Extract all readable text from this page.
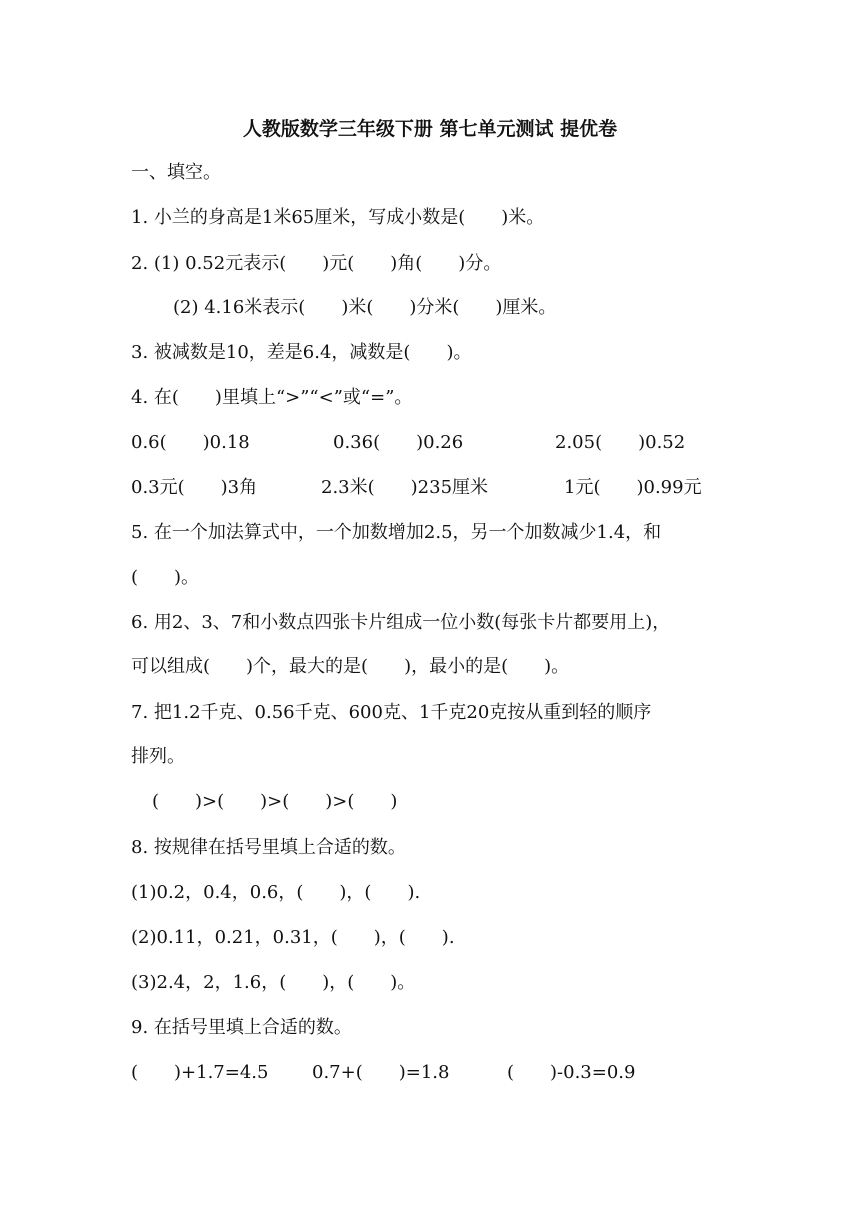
人教版数学三年级下册 第七单元测试 提优卷
一、填空。
1. 小兰的身高是1米65厘米，写成小数是(　　)米。
2. (1) 0.52元表示(　　)元(　　)角(　　)分。
(2) 4.16米表示(　　)米(　　)分米(　　)厘米。
3. 被减数是10，差是6.4，减数是(　　)。
4. 在(　　)里填上“>”“<”或“=”。
0.6(　　)0.18	0.36(　　)0.26	2.05(　　)0.52
0.3元(　　)3角	2.3米(　　)235厘米	1元(　　)0.99元
5. 在一个加法算式中，一个加数增加2.5，另一个加数减少1.4，和
(　　)。
6. 用2、3、7和小数点四张卡片组成一位小数(每张卡片都要用上)，
可以组成(　　)个，最大的是(　　)，最小的是(　　)。
7. 把1.2千克、0.56千克、600克、1千克20克按从重到轻的顺序
排列。
(　　)>(　　)>(　　)>(　　)
8. 按规律在括号里填上合适的数。
(1)0.2，0.4，0.6，(　　)，(　　).
(2)0.11，0.21，0.31，(　　)，(　　).
(3)2.4，2，1.6，(　　)，(　　)。
9. 在括号里填上合适的数。
(　　)+1.7=4.5 0.7+(　　)=1.8	(　　)-0.3=0.9
